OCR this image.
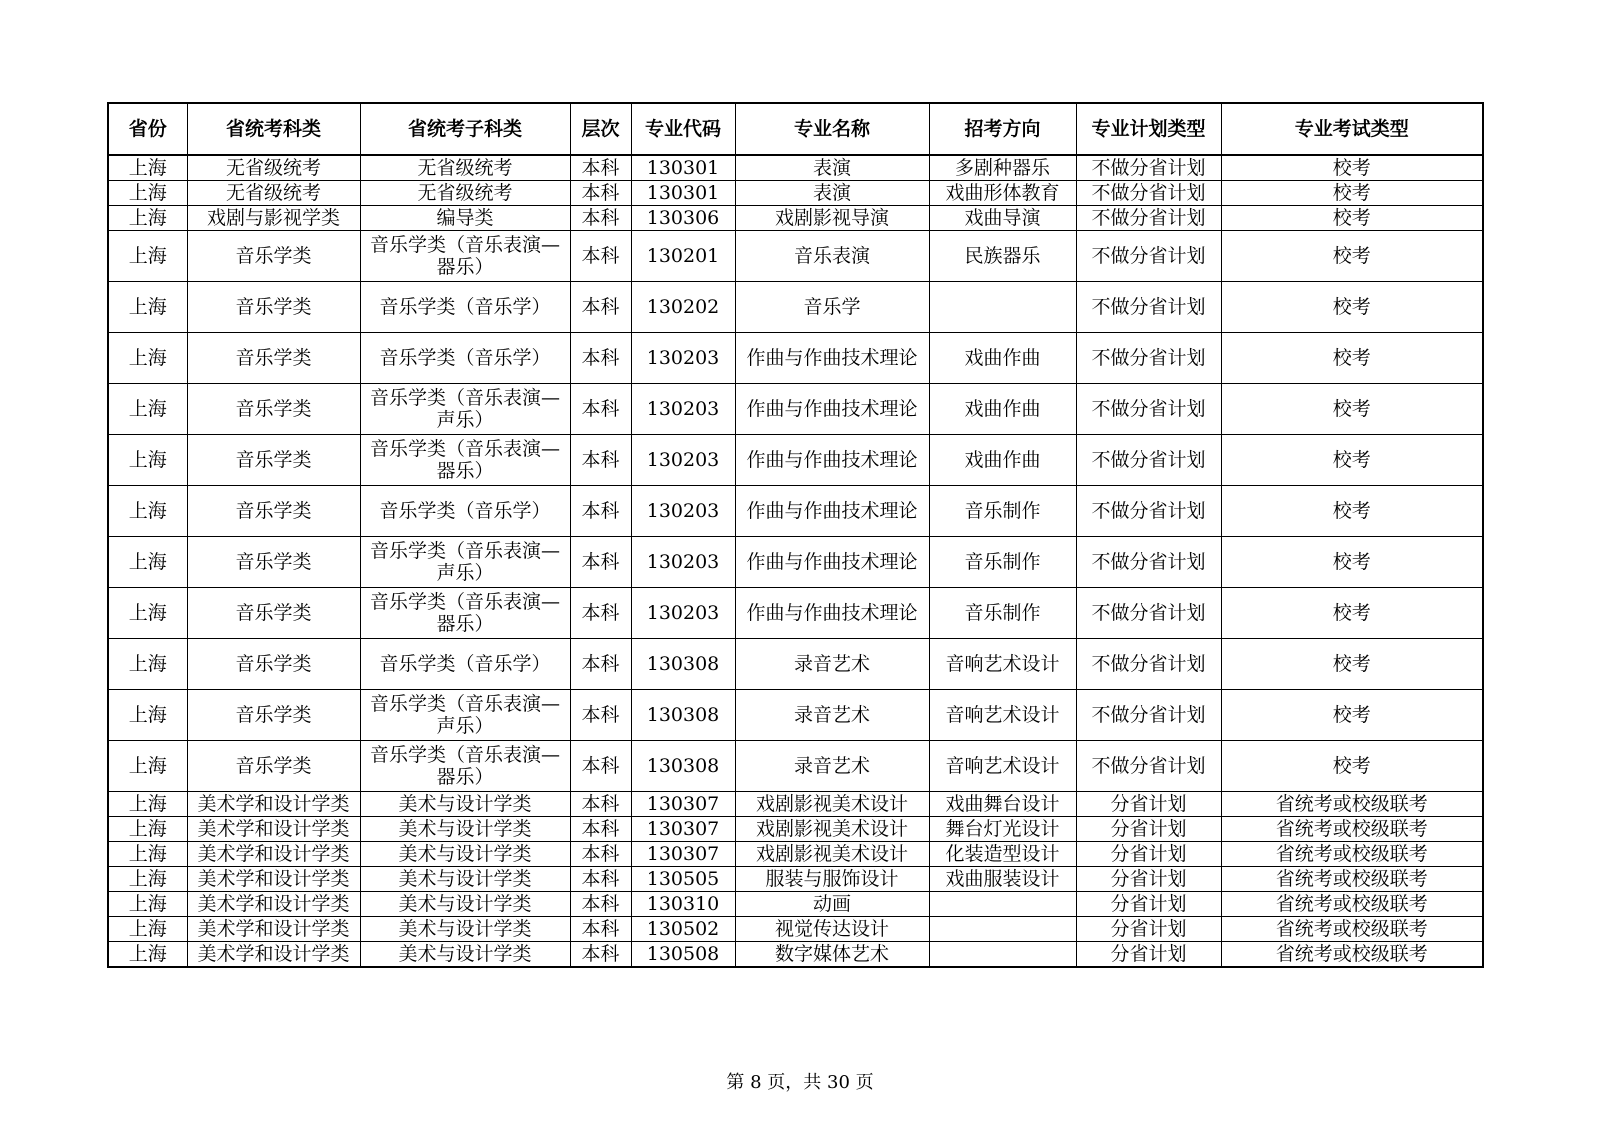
省份	省统考科类	省统考子科类	层次	专业代码	专业名称	招考方向	专业计划类型	专业考试类型
上海	无省级统考	无省级统考	本科	130301	表演	多剧种器乐	不做分省计划	校考
上海	无省级统考	无省级统考	本科	130301	表演	戏曲形体教育	不做分省计划	校考
上海	戏剧与影视学类	编导类	本科	130306	戏剧影视导演	戏曲导演	不做分省计划	校考
上海	音乐学类	音乐学类（音乐表演—器乐）	本科	130201	音乐表演	民族器乐	不做分省计划	校考
上海	音乐学类	音乐学类（音乐学）	本科	130202	音乐学		不做分省计划	校考
上海	音乐学类	音乐学类（音乐学）	本科	130203	作曲与作曲技术理论	戏曲作曲	不做分省计划	校考
上海	音乐学类	音乐学类（音乐表演—声乐）	本科	130203	作曲与作曲技术理论	戏曲作曲	不做分省计划	校考
上海	音乐学类	音乐学类（音乐表演—器乐）	本科	130203	作曲与作曲技术理论	戏曲作曲	不做分省计划	校考
上海	音乐学类	音乐学类（音乐学）	本科	130203	作曲与作曲技术理论	音乐制作	不做分省计划	校考
上海	音乐学类	音乐学类（音乐表演—声乐）	本科	130203	作曲与作曲技术理论	音乐制作	不做分省计划	校考
上海	音乐学类	音乐学类（音乐表演—器乐）	本科	130203	作曲与作曲技术理论	音乐制作	不做分省计划	校考
上海	音乐学类	音乐学类（音乐学）	本科	130308	录音艺术	音响艺术设计	不做分省计划	校考
上海	音乐学类	音乐学类（音乐表演—声乐）	本科	130308	录音艺术	音响艺术设计	不做分省计划	校考
上海	音乐学类	音乐学类（音乐表演—器乐）	本科	130308	录音艺术	音响艺术设计	不做分省计划	校考
上海	美术学和设计学类	美术与设计学类	本科	130307	戏剧影视美术设计	戏曲舞台设计	分省计划	省统考或校级联考
上海	美术学和设计学类	美术与设计学类	本科	130307	戏剧影视美术设计	舞台灯光设计	分省计划	省统考或校级联考
上海	美术学和设计学类	美术与设计学类	本科	130307	戏剧影视美术设计	化装造型设计	分省计划	省统考或校级联考
上海	美术学和设计学类	美术与设计学类	本科	130505	服装与服饰设计	戏曲服装设计	分省计划	省统考或校级联考
上海	美术学和设计学类	美术与设计学类	本科	130310	动画		分省计划	省统考或校级联考
上海	美术学和设计学类	美术与设计学类	本科	130502	视觉传达设计		分省计划	省统考或校级联考
上海	美术学和设计学类	美术与设计学类	本科	130508	数字媒体艺术		分省计划	省统考或校级联考
第 8 页，共 30 页
